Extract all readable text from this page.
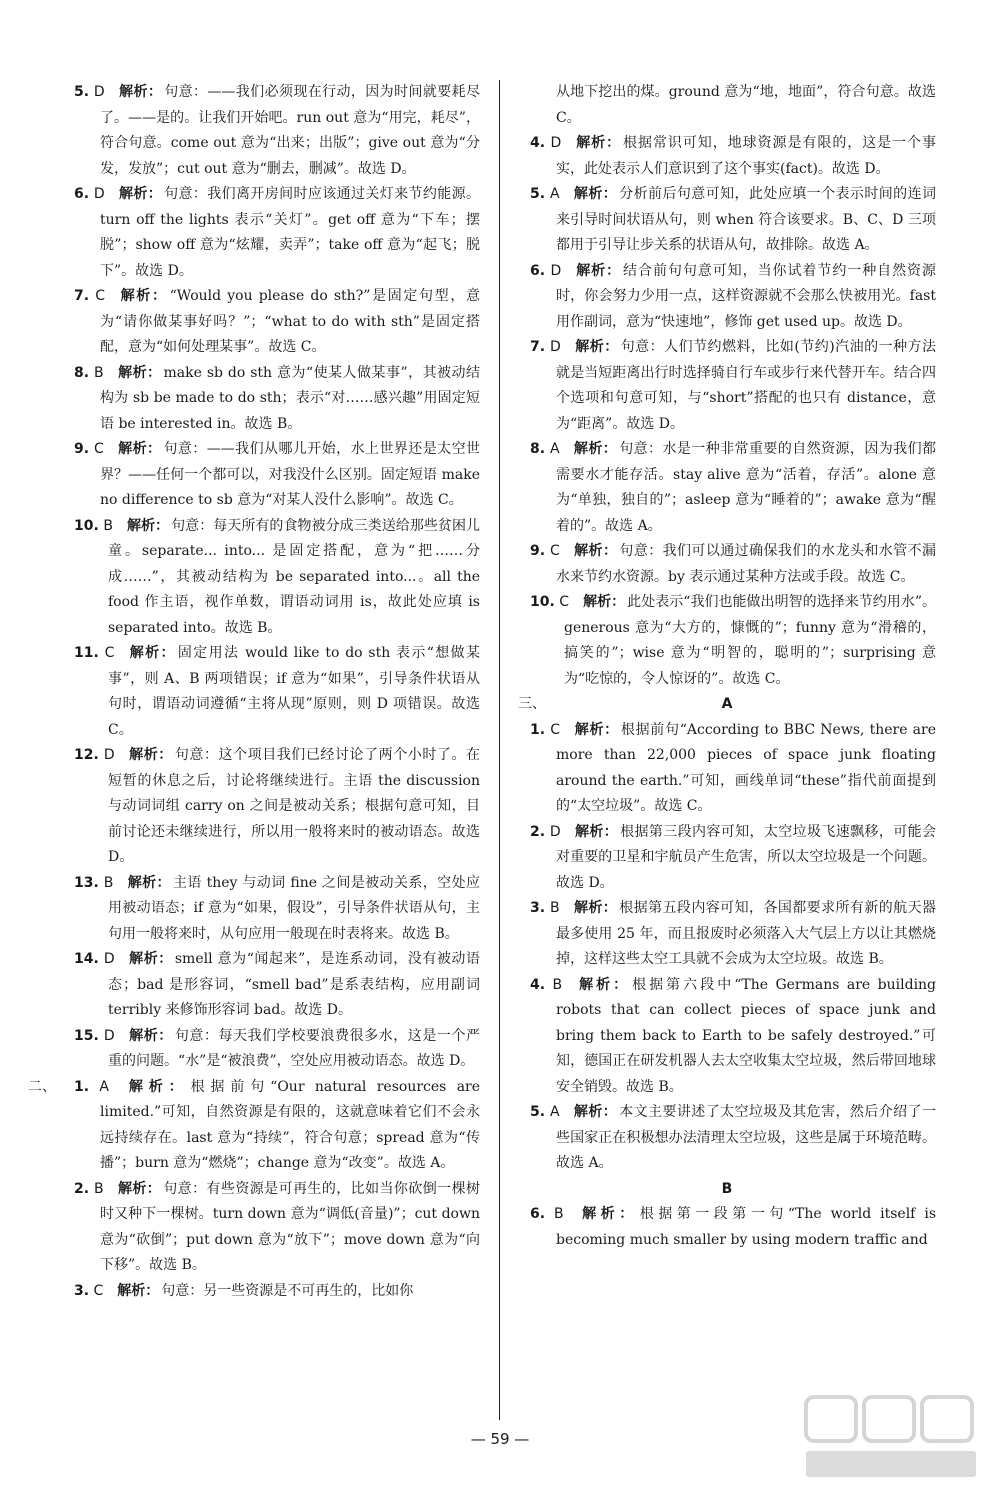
5. D 解析： 句意：——我们必须现在行动，因为时间就要耗尽了。——是的。让我们开始吧。run out 意为“用完，耗尽”，符合句意。come out 意为“出来；出版”；give out 意为“分发，发放”；cut out 意为“删去，删减”。故选 D。

6. D 解析： 句意：我们离开房间时应该通过关灯来节约能源。turn off the lights 表示“关灯”。get off 意为“下车；摆脱”；show off 意为“炫耀，卖弄”；take off 意为“起飞；脱下”。故选 D。

7. C 解析： “Would you please do sth?”是固定句型，意为“请你做某事好吗？”；“what to do with sth”是固定搭配，意为“如何处理某事”。故选 C。

8. B 解析： make sb do sth 意为“使某人做某事”，其被动结构为 sb be made to do sth；表示“对……感兴趣”用固定短语 be interested in。故选 B。

9. C 解析： 句意：——我们从哪儿开始，水上世界还是太空世界？——任何一个都可以，对我没什么区别。固定短语 make no difference to sb 意为“对某人没什么影响”。故选 C。

10. B 解析： 句意：每天所有的食物被分成三类送给那些贫困儿童。separate... into... 是固定搭配，意为“把……分成……”，其被动结构为 be separated into...。all the food 作主语，视作单数，谓语动词用 is，故此处应填 is separated into。故选 B。

11. C 解析： 固定用法 would like to do sth 表示“想做某事”，则 A、B 两项错误；if 意为“如果”，引导条件状语从句时，谓语动词遵循“主将从现”原则，则 D 项错误。故选 C。

12. D 解析： 句意：这个项目我们已经讨论了两个小时了。在短暂的休息之后，讨论将继续进行。主语 the discussion 与动词词组 carry on 之间是被动关系；根据句意可知，目前讨论还未继续进行，所以用一般将来时的被动语态。故选 D。

13. B 解析： 主语 they 与动词 fine 之间是被动关系，空处应用被动语态；if 意为“如果，假设”，引导条件状语从句，主句用一般将来时，从句应用一般现在时表将来。故选 B。

14. D 解析： smell 意为“闻起来”，是连系动词，没有被动语态；bad 是形容词，“smell bad”是系表结构，应用副词 terribly 来修饰形容词 bad。故选 D。

15. D 解析： 句意：每天我们学校要浪费很多水，这是一个严重的问题。“水”是“被浪费”，空处应用被动语态。故选 D。

二、	1. A 解析： 根据前句“Our natural resources are limited.”可知，自然资源是有限的，这就意味着它们不会永远持续存在。last 意为“持续”，符合句意；spread 意为“传播”；burn 意为“燃烧”；change 意为“改变”。故选 A。

2. B 解析： 句意：有些资源是可再生的，比如当你砍倒一棵树时又种下一棵树。turn down 意为“调低(音量)”；cut down 意为“砍倒”；put down 意为“放下”；move down 意为“向下移”。故选 B。

3. C 解析： 句意：另一些资源是不可再生的，比如你

从地下挖出的煤。ground 意为“地，地面”，符合句意。故选 C。

4. D 解析： 根据常识可知，地球资源是有限的，这是一个事实，此处表示人们意识到了这个事实(fact)。故选 D。

5. A 解析： 分析前后句意可知，此处应填一个表示时间的连词来引导时间状语从句，则 when 符合该要求。B、C、D 三项都用于引导让步关系的状语从句，故排除。故选 A。

6. D 解析： 结合前句句意可知，当你试着节约一种自然资源时，你会努力少用一点，这样资源就不会那么快被用光。fast 用作副词，意为“快速地”，修饰 get used up。故选 D。

7. D 解析： 句意：人们节约燃料，比如(节约)汽油的一种方法就是当短距离出行时选择骑自行车或步行来代替开车。结合四个选项和句意可知，与“short”搭配的也只有 distance，意为“距离”。故选 D。

8. A 解析： 句意：水是一种非常重要的自然资源，因为我们都需要水才能存活。stay alive 意为“活着，存活”。alone 意为“单独，独自的”；asleep 意为“睡着的”；awake 意为“醒着的”。故选 A。

9. C 解析： 句意：我们可以通过确保我们的水龙头和水管不漏水来节约水资源。by 表示通过某种方法或手段。故选 C。

10. C 解析： 此处表示“我们也能做出明智的选择来节约用水”。generous 意为“大方的，慷慨的”；funny 意为“滑稽的，搞笑的”；wise 意为“明智的，聪明的”；surprising 意为“吃惊的，令人惊讶的”。故选 C。

三、	A

1. C 解析： 根据前句“According to BBC News, there are more than 22,000 pieces of space junk floating around the earth.”可知，画线单词“these”指代前面提到的“太空垃圾”。故选 C。

2. D 解析： 根据第三段内容可知，太空垃圾飞速飘移，可能会对重要的卫星和宇航员产生危害，所以太空垃圾是一个问题。故选 D。

3. B 解析： 根据第五段内容可知，各国都要求所有新的航天器最多使用 25 年，而且报废时必须落入大气层上方以让其燃烧掉，这样这些太空工具就不会成为太空垃圾。故选 B。

4. B 解析： 根据第六段中“The Germans are building robots that can collect pieces of space junk and bring them back to Earth to be safely destroyed.”可知，德国正在研发机器人去太空收集太空垃圾，然后带回地球安全销毁。故选 B。

5. A 解析： 本文主要讲述了太空垃圾及其危害，然后介绍了一些国家正在积极想办法清理太空垃圾，这些是属于环境范畴。故选 A。

B

6. B 解析： 根据第一段第一句“The world itself is becoming much smaller by using modern traffic and

— 59 —
